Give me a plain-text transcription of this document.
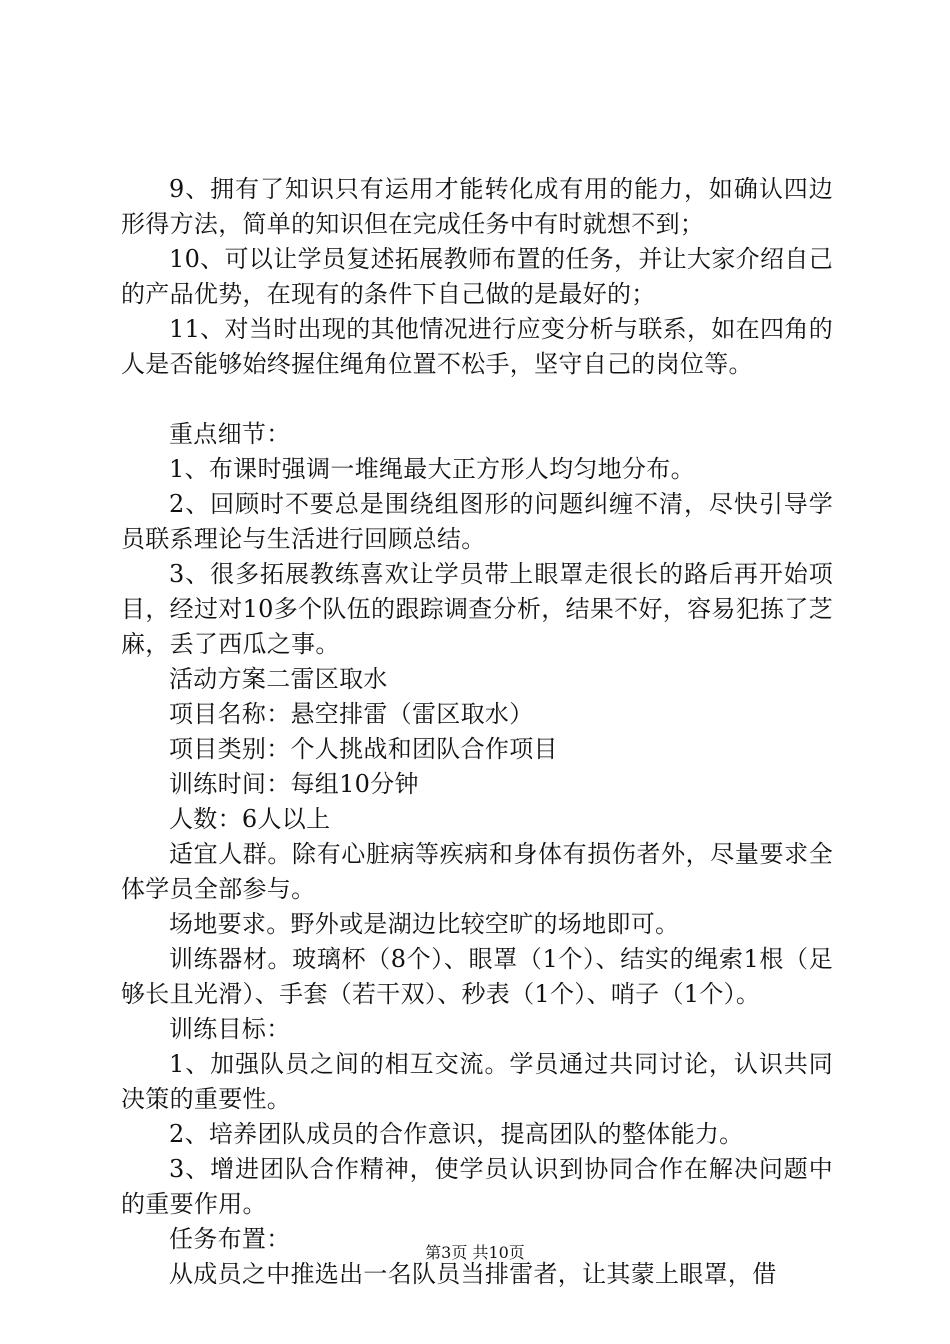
9、拥有了知识只有运用才能转化成有用的能力，如确认四边形得方法，简单的知识但在完成任务中有时就想不到；

10、可以让学员复述拓展教师布置的任务，并让大家介绍自己的产品优势，在现有的条件下自己做的是最好的；

11、对当时出现的其他情况进行应变分析与联系，如在四角的人是否能够始终握住绳角位置不松手，坚守自己的岗位等。

重点细节：

1、布课时强调一堆绳最大正方形人均匀地分布。

2、回顾时不要总是围绕组图形的问题纠缠不清，尽快引导学员联系理论与生活进行回顾总结。

3、很多拓展教练喜欢让学员带上眼罩走很长的路后再开始项目，经过对10多个队伍的跟踪调查分析，结果不好，容易犯拣了芝麻，丢了西瓜之事。

活动方案二雷区取水

项目名称：悬空排雷（雷区取水）

项目类别：个人挑战和团队合作项目

训练时间：每组10分钟

人数：6人以上

适宜人群。除有心脏病等疾病和身体有损伤者外，尽量要求全体学员全部参与。

场地要求。野外或是湖边比较空旷的场地即可。

训练器材。玻璃杯（8个）、眼罩（1个）、结实的绳索1根（足够长且光滑）、手套（若干双）、秒表（1个）、哨子（1个）。

训练目标：

1、加强队员之间的相互交流。学员通过共同讨论，认识共同决策的重要性。

2、培养团队成员的合作意识，提高团队的整体能力。

3、增进团队合作精神，使学员认识到协同合作在解决问题中的重要作用。

任务布置：

从成员之中推选出一名队员当排雷者，让其蒙上眼罩，借

第3页 共10页
